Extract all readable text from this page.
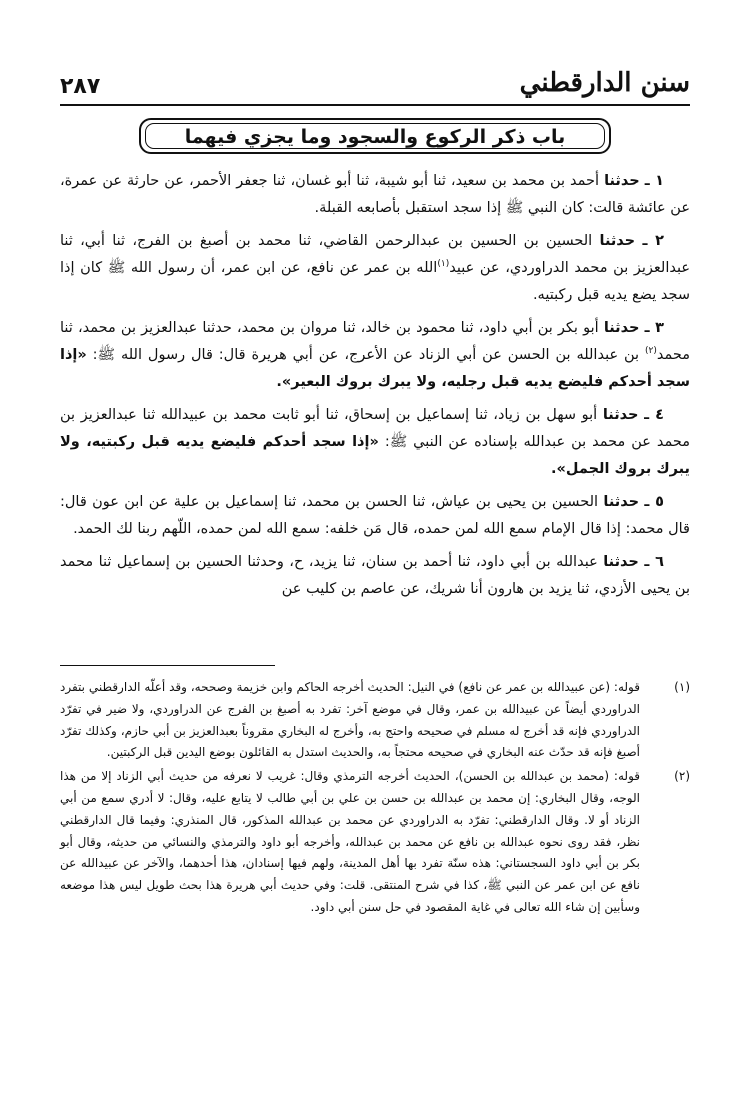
٢٨٧	سنن الدارقطني
باب ذكر الركوع والسجود وما يجزي فيهما

١ ـ حدثنا أحمد بن محمد بن سعيد، ثنا أبو شيبة، ثنا أبو غسان، ثنا جعفر الأحمر، عن حارثة عن عمرة، عن عائشة قالت: كان النبي ﷺ إذا سجد استقبل بأصابعه القبلة.

٢ ـ حدثنا الحسين بن الحسين بن عبدالرحمن القاضي، ثنا محمد بن أصبغ بن الفرج، ثنا أبي، ثنا عبدالعزيز بن محمد الدراوردي، عن عبيد$^{(١)}$الله بن عمر عن نافع، عن ابن عمر، أن رسول الله ﷺ كان إذا سجد يضع يديه قبل ركبتيه.

٣ ـ حدثنا أبو بكر بن أبي داود، ثنا محمود بن خالد، ثنا مروان بن محمد، حدثنا عبدالعزيز بن محمد، ثنا محمد$^{(٢)}$ بن عبدالله بن الحسن عن أبي الزناد عن الأعرج، عن أبي هريرة قال: قال رسول الله ﷺ: «إذا سجد أحدكم فليضع يديه قبل رجليه، ولا يبرك بروك البعير».

٤ ـ حدثنا أبو سهل بن زياد، ثنا إسماعيل بن إسحاق، ثنا أبو ثابت محمد بن عبيدالله ثنا عبدالعزيز بن محمد عن محمد بن عبدالله بإسناده عن النبي ﷺ: «إذا سجد أحدكم فليضع يديه قبل ركبتيه، ولا يبرك بروك الجمل».

٥ ـ حدثنا الحسين بن يحيى بن عياش، ثنا الحسن بن محمد، ثنا إسماعيل بن علية عن ابن عون قال: قال محمد: إذا قال الإمام سمع الله لمن حمده، قال مَن خلفه: سمع الله لمن حمده، اللّهم ربنا لك الحمد.

٦ ـ حدثنا عبدالله بن أبي داود، ثنا أحمد بن سنان، ثنا يزيد، ح، وحدثنا الحسين بن إسماعيل ثنا محمد بن يحيى الأزدي، ثنا يزيد بن هارون أنا شريك، عن عاصم بن كليب عن

(١)
قوله: (عن عبيدالله بن عمر عن نافع) في النيل: الحديث أخرجه الحاكم وابن خزيمة وصححه، وقد أعلّه الدارقطني بتفرد الدراوردي أيضاً عن عبيدالله بن عمر، وقال في موضع آخر: تفرد به أصبغ بن الفرج عن الدراوردي، ولا ضير في تفرّد الدراوردي فإنه قد أخرج له مسلم في صحيحه واحتج به، وأخرج له البخاري مقروناً بعبدالعزيز بن أبي حازم، وكذلك تفرّد أصبغ فإنه قد حدّث عنه البخاري في صحيحه محتجاً به، والحديث استدل به القائلون بوضع اليدين قبل الركبتين.
(٢)
قوله: (محمد بن عبدالله بن الحسن)، الحديث أخرجه الترمذي وقال: غريب لا نعرفه من حديث أبي الزناد إلا من هذا الوجه، وقال البخاري: إن محمد بن عبدالله بن حسن بن علي بن أبي طالب لا يتابع عليه، وقال: لا أدري سمع من أبي الزناد أو لا. وقال الدارقطني: تفرّد به الدراوردي عن محمد بن عبدالله المذكور، قال المنذري: وفيما قال الدارقطني نظر، فقد روى نحوه عبدالله بن نافع عن محمد بن عبدالله، وأخرجه أبو داود والترمذي والنسائي من حديثه، وقال أبو بكر بن أبي داود السجستاني: هذه سنّة تفرد بها أهل المدينة، ولهم فيها إسنادان، هذا أحدهما، والآخر عن عبيدالله عن نافع عن ابن عمر عن النبي ﷺ، كذا في شرح المنتقى. قلت: وفي حديث أبي هريرة هذا بحث طويل ليس هذا موضعه وسأبين إن شاء الله تعالى في غاية المقصود في حل سنن أبي داود.
